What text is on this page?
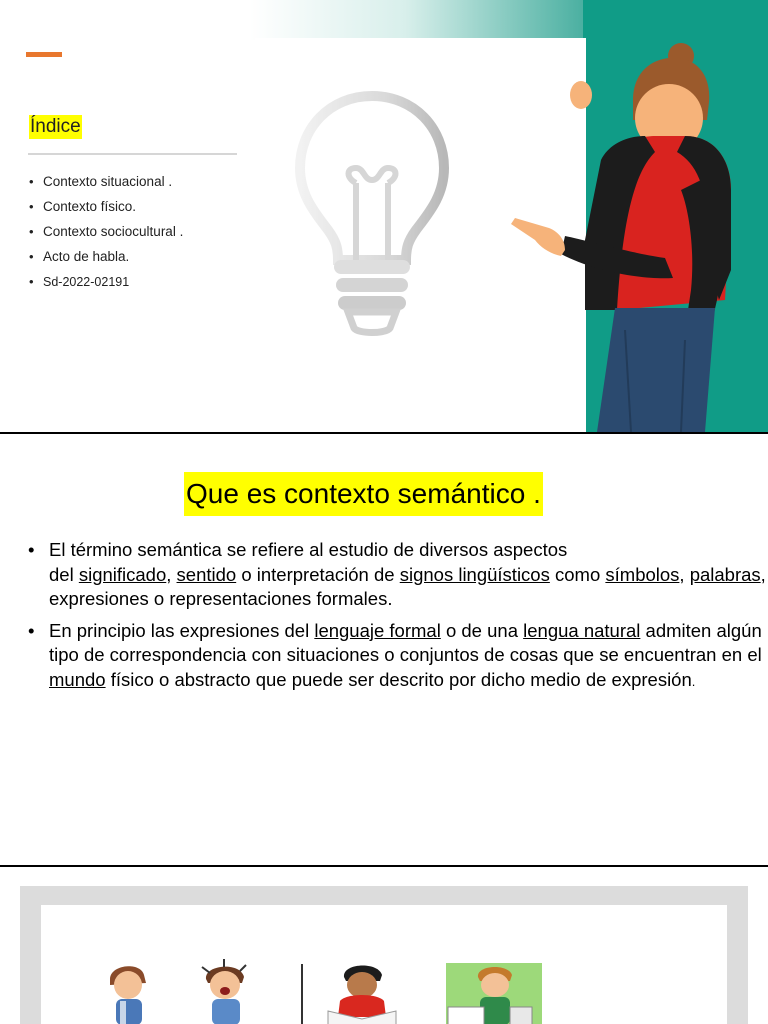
Índice
• Contexto situacional .
• Contexto físico.
• Contexto sociocultural .
• Acto de habla.
• Sd-2022-02191
Que es contexto semántico .
• El término semántica se refiere al estudio de diversos aspectos
del significado, sentido o interpretación de signos lingüísticos como símbolos, palabras, expresiones o representaciones formales.
• En principio las expresiones del lenguaje formal o de una lengua natural admiten algún tipo de correspondencia con situaciones o conjuntos de cosas que se encuentran en el mundo físico o abstracto que puede ser descrito por dicho medio de expresión.
